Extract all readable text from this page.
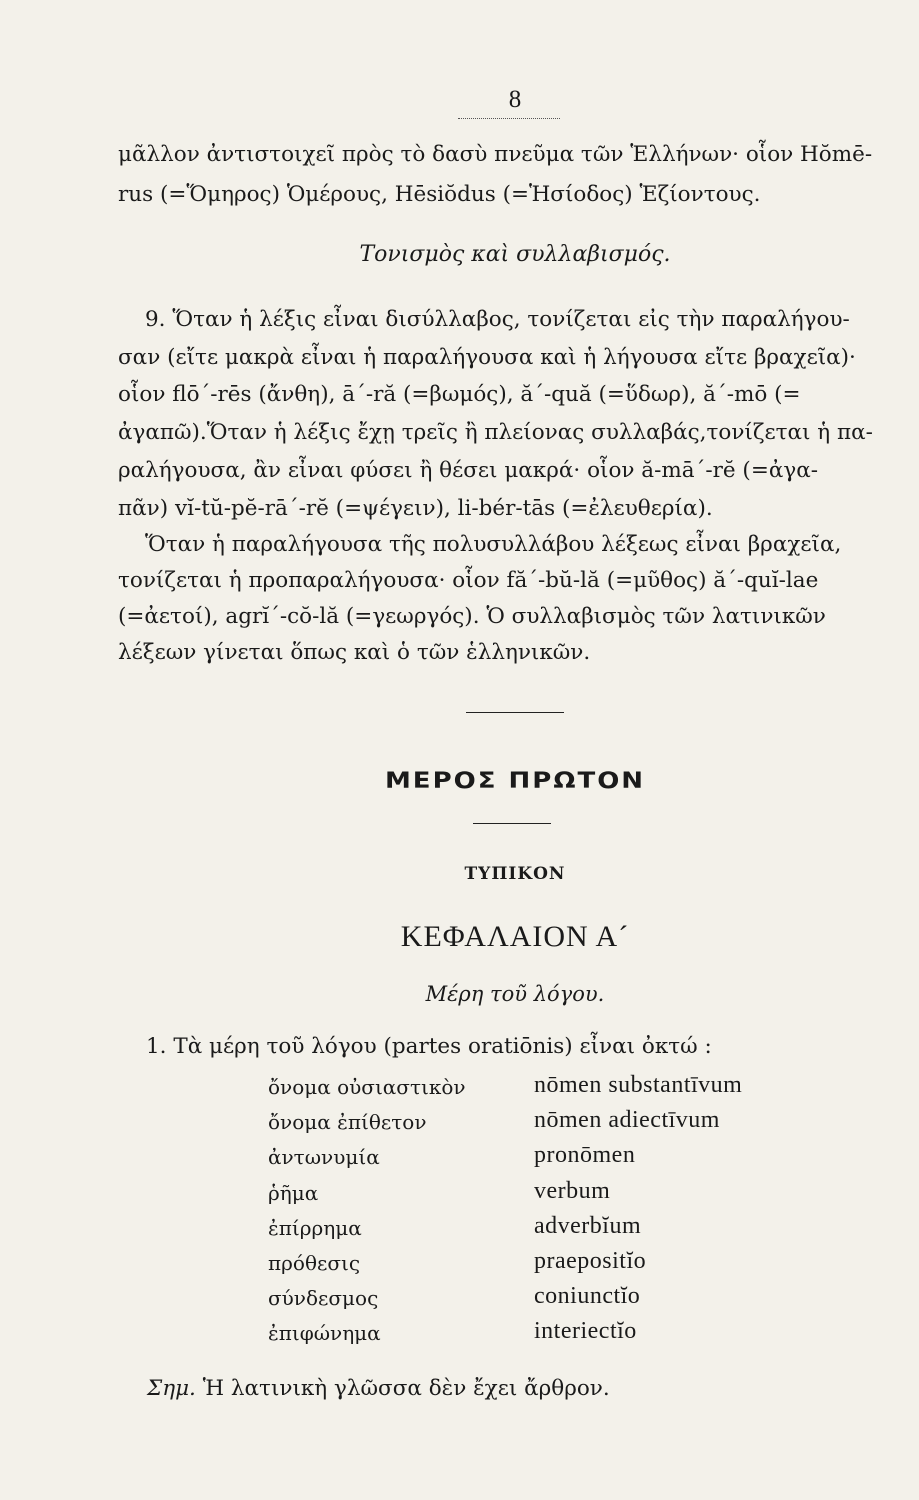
8
μᾶλλον ἀντιστοιχεῖ πρὸς τὸ δασὺ πνεῦμα τῶν Ἑλλήνων· οἷον Hŏmē-
rus (=Ὅμηρος) Ὁμέρους, Hēsiŏdus (=Ἡσίοδος) Ἑζίοντους.
Τονισμὸς καὶ συλλαβισμός.
9. Ὅταν ἡ λέξις εἶναι δισύλλαβος, τονίζεται εἰς τὴν παραλήγου-
σαν (εἴτε μακρὰ εἶναι ἡ παραλήγουσα καὶ ἡ λήγουσα εἴτε βραχεῖα)·
οἷον flō´-rēs (ἄνθη), ā´-ră (=βωμός), ă´-quă (=ὕδωρ), ă´-mō (=
ἀγαπῶ).Ὅταν ἡ λέξις ἔχῃ τρεῖς ἢ πλείονας συλλαβάς,τονίζεται ἡ πα-
ραλήγουσα, ἂν εἶναι φύσει ἢ θέσει μακρά· οἷον ă-mā´-rĕ (=ἀγα-
πᾶν) vĭ-tŭ-pĕ-rā´-rĕ (=ψέγειν), li-bér-tās (=ἐλευθερία).
Ὅταν ἡ παραλήγουσα τῆς πολυσυλλάβου λέξεως εἶναι βραχεῖα,
τονίζεται ἡ προπαραλήγουσα· οἷον fă´-bŭ-lă (=μῦθος) ă´-quĭ-lae
(=ἀετοί), agrĭ´-cŏ-lă (=γεωργός). Ὁ συλλαβισμὸς τῶν λατινικῶν
λέξεων γίνεται ὅπως καὶ ὁ τῶν ἑλληνικῶν.
ΜΕΡΟΣ ΠΡΩΤΟΝ
ΤΥΠΙΚΟΝ
ΚΕΦΑΛΑΙΟΝ Α´
Μέρη τοῦ λόγου.
1. Τὰ μέρη τοῦ λόγου (partes oratiōnis) εἶναι ὀκτώ :
ὄνομα οὐσιαστικὸν	nōmen substantīvum
ὄνομα ἐπίθετον	nōmen adiectīvum
ἀντωνυμία	pronōmen
ῥῆμα	verbum
ἐπίρρημα	adverbĭum
πρόθεσις	praepositĭo
σύνδεσμος	coniunctĭo
ἐπιφώνημα	interiectĭo
Σημ. Ἡ λατινικὴ γλῶσσα δὲν ἔχει ἄρθρον.
